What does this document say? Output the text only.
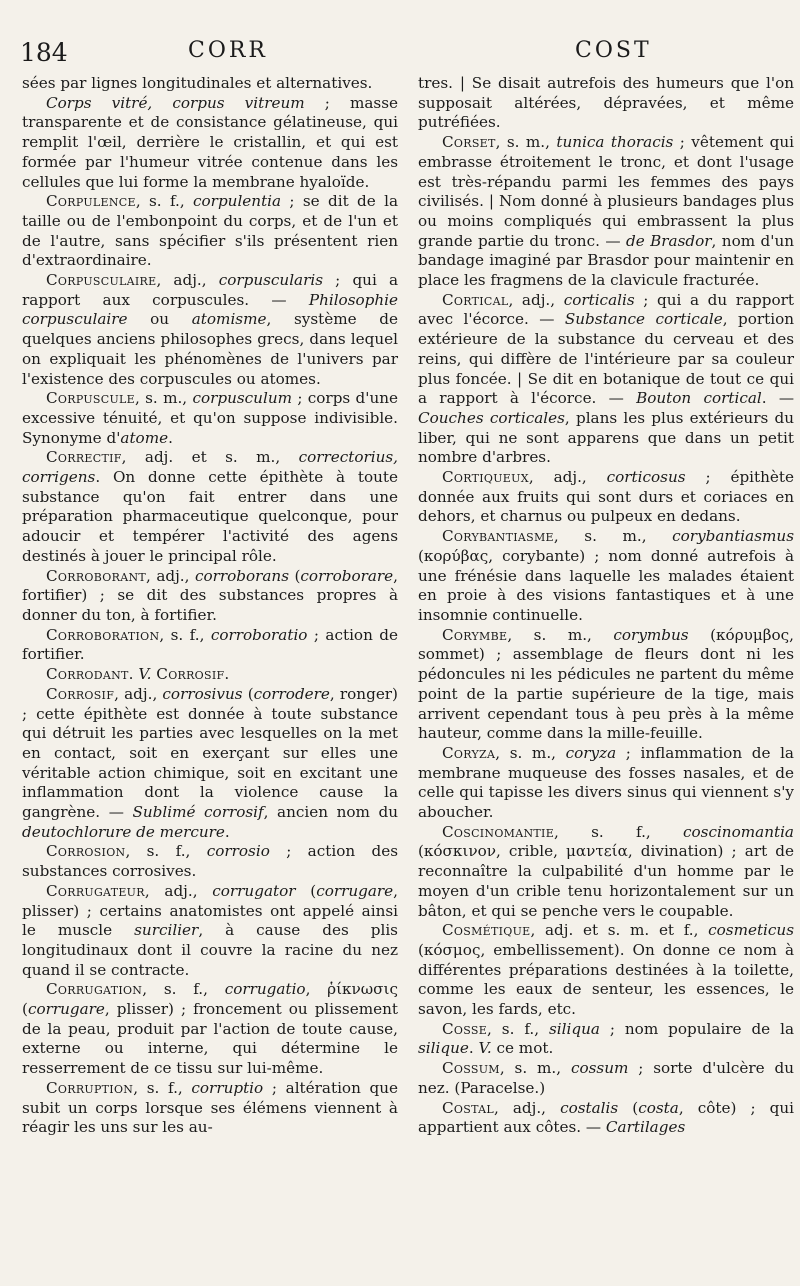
184	CORR	COST

sées par lignes longitudinales et alternatives.

Corps vitré, corpus vitreum ; masse transparente et de consistance gélatineuse, qui remplit l'œil, derrière le cristallin, et qui est formée par l'humeur vitrée contenue dans les cellules que lui forme la membrane hyaloïde.

Corpulence, s. f., corpulentia ; se dit de la taille ou de l'embonpoint du corps, et de l'un et de l'autre, sans spécifier s'ils présentent rien d'extraordinaire.

Corpusculaire, adj., corpuscularis ; qui a rapport aux corpuscules. — Philosophie corpusculaire ou atomisme, système de quelques anciens philosophes grecs, dans lequel on expliquait les phénomènes de l'univers par l'existence des corpuscules ou atomes.

Corpuscule, s. m., corpusculum ; corps d'une excessive ténuité, et qu'on suppose indivisible. Synonyme d'atome.

Correctif, adj. et s. m., correctorius, corrigens. On donne cette épithète à toute substance qu'on fait entrer dans une préparation pharmaceutique quelconque, pour adoucir et tempérer l'activité des agens destinés à jouer le principal rôle.

Corroborant, adj., corroborans (corroborare, fortifier) ; se dit des substances propres à donner du ton, à fortifier.

Corroboration, s. f., corroboratio ; action de fortifier.

Corrodant. V. Corrosif.

Corrosif, adj., corrosivus (corrodere, ronger) ; cette épithète est donnée à toute substance qui détruit les parties avec lesquelles on la met en contact, soit en exerçant sur elles une véritable action chimique, soit en excitant une inflammation dont la violence cause la gangrène. — Sublimé corrosif, ancien nom du deutochlorure de mercure.

Corrosion, s. f., corrosio ; action des substances corrosives.

Corrugateur, adj., corrugator (corrugare, plisser) ; certains anatomistes ont appelé ainsi le muscle surcilier, à cause des plis longitudinaux dont il couvre la racine du nez quand il se contracte.

Corrugation, s. f., corrugatio, ῥίκνωσις (corrugare, plisser) ; froncement ou plissement de la peau, produit par l'action de toute cause, externe ou interne, qui détermine le resserrement de ce tissu sur lui-même.

Corruption, s. f., corruptio ; altération que subit un corps lorsque ses élémens viennent à réagir les uns sur les au-

tres. | Se disait autrefois des humeurs que l'on supposait altérées, dépravées, et même putréfiées.

Corset, s. m., tunica thoracis ; vêtement qui embrasse étroitement le tronc, et dont l'usage est très-répandu parmi les femmes des pays civilisés. | Nom donné à plusieurs bandages plus ou moins compliqués qui embrassent la plus grande partie du tronc. — de Brasdor, nom d'un bandage imaginé par Brasdor pour maintenir en place les fragmens de la clavicule fracturée.

Cortical, adj., corticalis ; qui a du rapport avec l'écorce. — Substance corticale, portion extérieure de la substance du cerveau et des reins, qui diffère de l'intérieure par sa couleur plus foncée. | Se dit en botanique de tout ce qui a rapport à l'écorce. — Bouton cortical. — Couches corticales, plans les plus extérieurs du liber, qui ne sont apparens que dans un petit nombre d'arbres.

Cortiqueux, adj., corticosus ; épithète donnée aux fruits qui sont durs et coriaces en dehors, et charnus ou pulpeux en dedans.

Corybantiasme, s. m., corybantiasmus (κορύβας, corybante) ; nom donné autrefois à une frénésie dans laquelle les malades étaient en proie à des visions fantastiques et à une insomnie continuelle.

Corymbe, s. m., corymbus (κόρυμβος, sommet) ; assemblage de fleurs dont ni les pédoncules ni les pédicules ne partent du même point de la partie supérieure de la tige, mais arrivent cependant tous à peu près à la même hauteur, comme dans la mille-feuille.

Coryza, s. m., coryza ; inflammation de la membrane muqueuse des fosses nasales, et de celle qui tapisse les divers sinus qui viennent s'y aboucher.

Coscinomantie, s. f., coscinomantia (κόσκινον, crible, μαντεία, divination) ; art de reconnaître la culpabilité d'un homme par le moyen d'un crible tenu horizontalement sur un bâton, et qui se penche vers le coupable.

Cosmétique, adj. et s. m. et f., cosmeticus (κόσμος, embellissement). On donne ce nom à différentes préparations destinées à la toilette, comme les eaux de senteur, les essences, le savon, les fards, etc.

Cosse, s. f., siliqua ; nom populaire de la silique. V. ce mot.

Cossum, s. m., cossum ; sorte d'ulcère du nez. (Paracelse.)

Costal, adj., costalis (costa, côte) ; qui appartient aux côtes. — Cartilages
